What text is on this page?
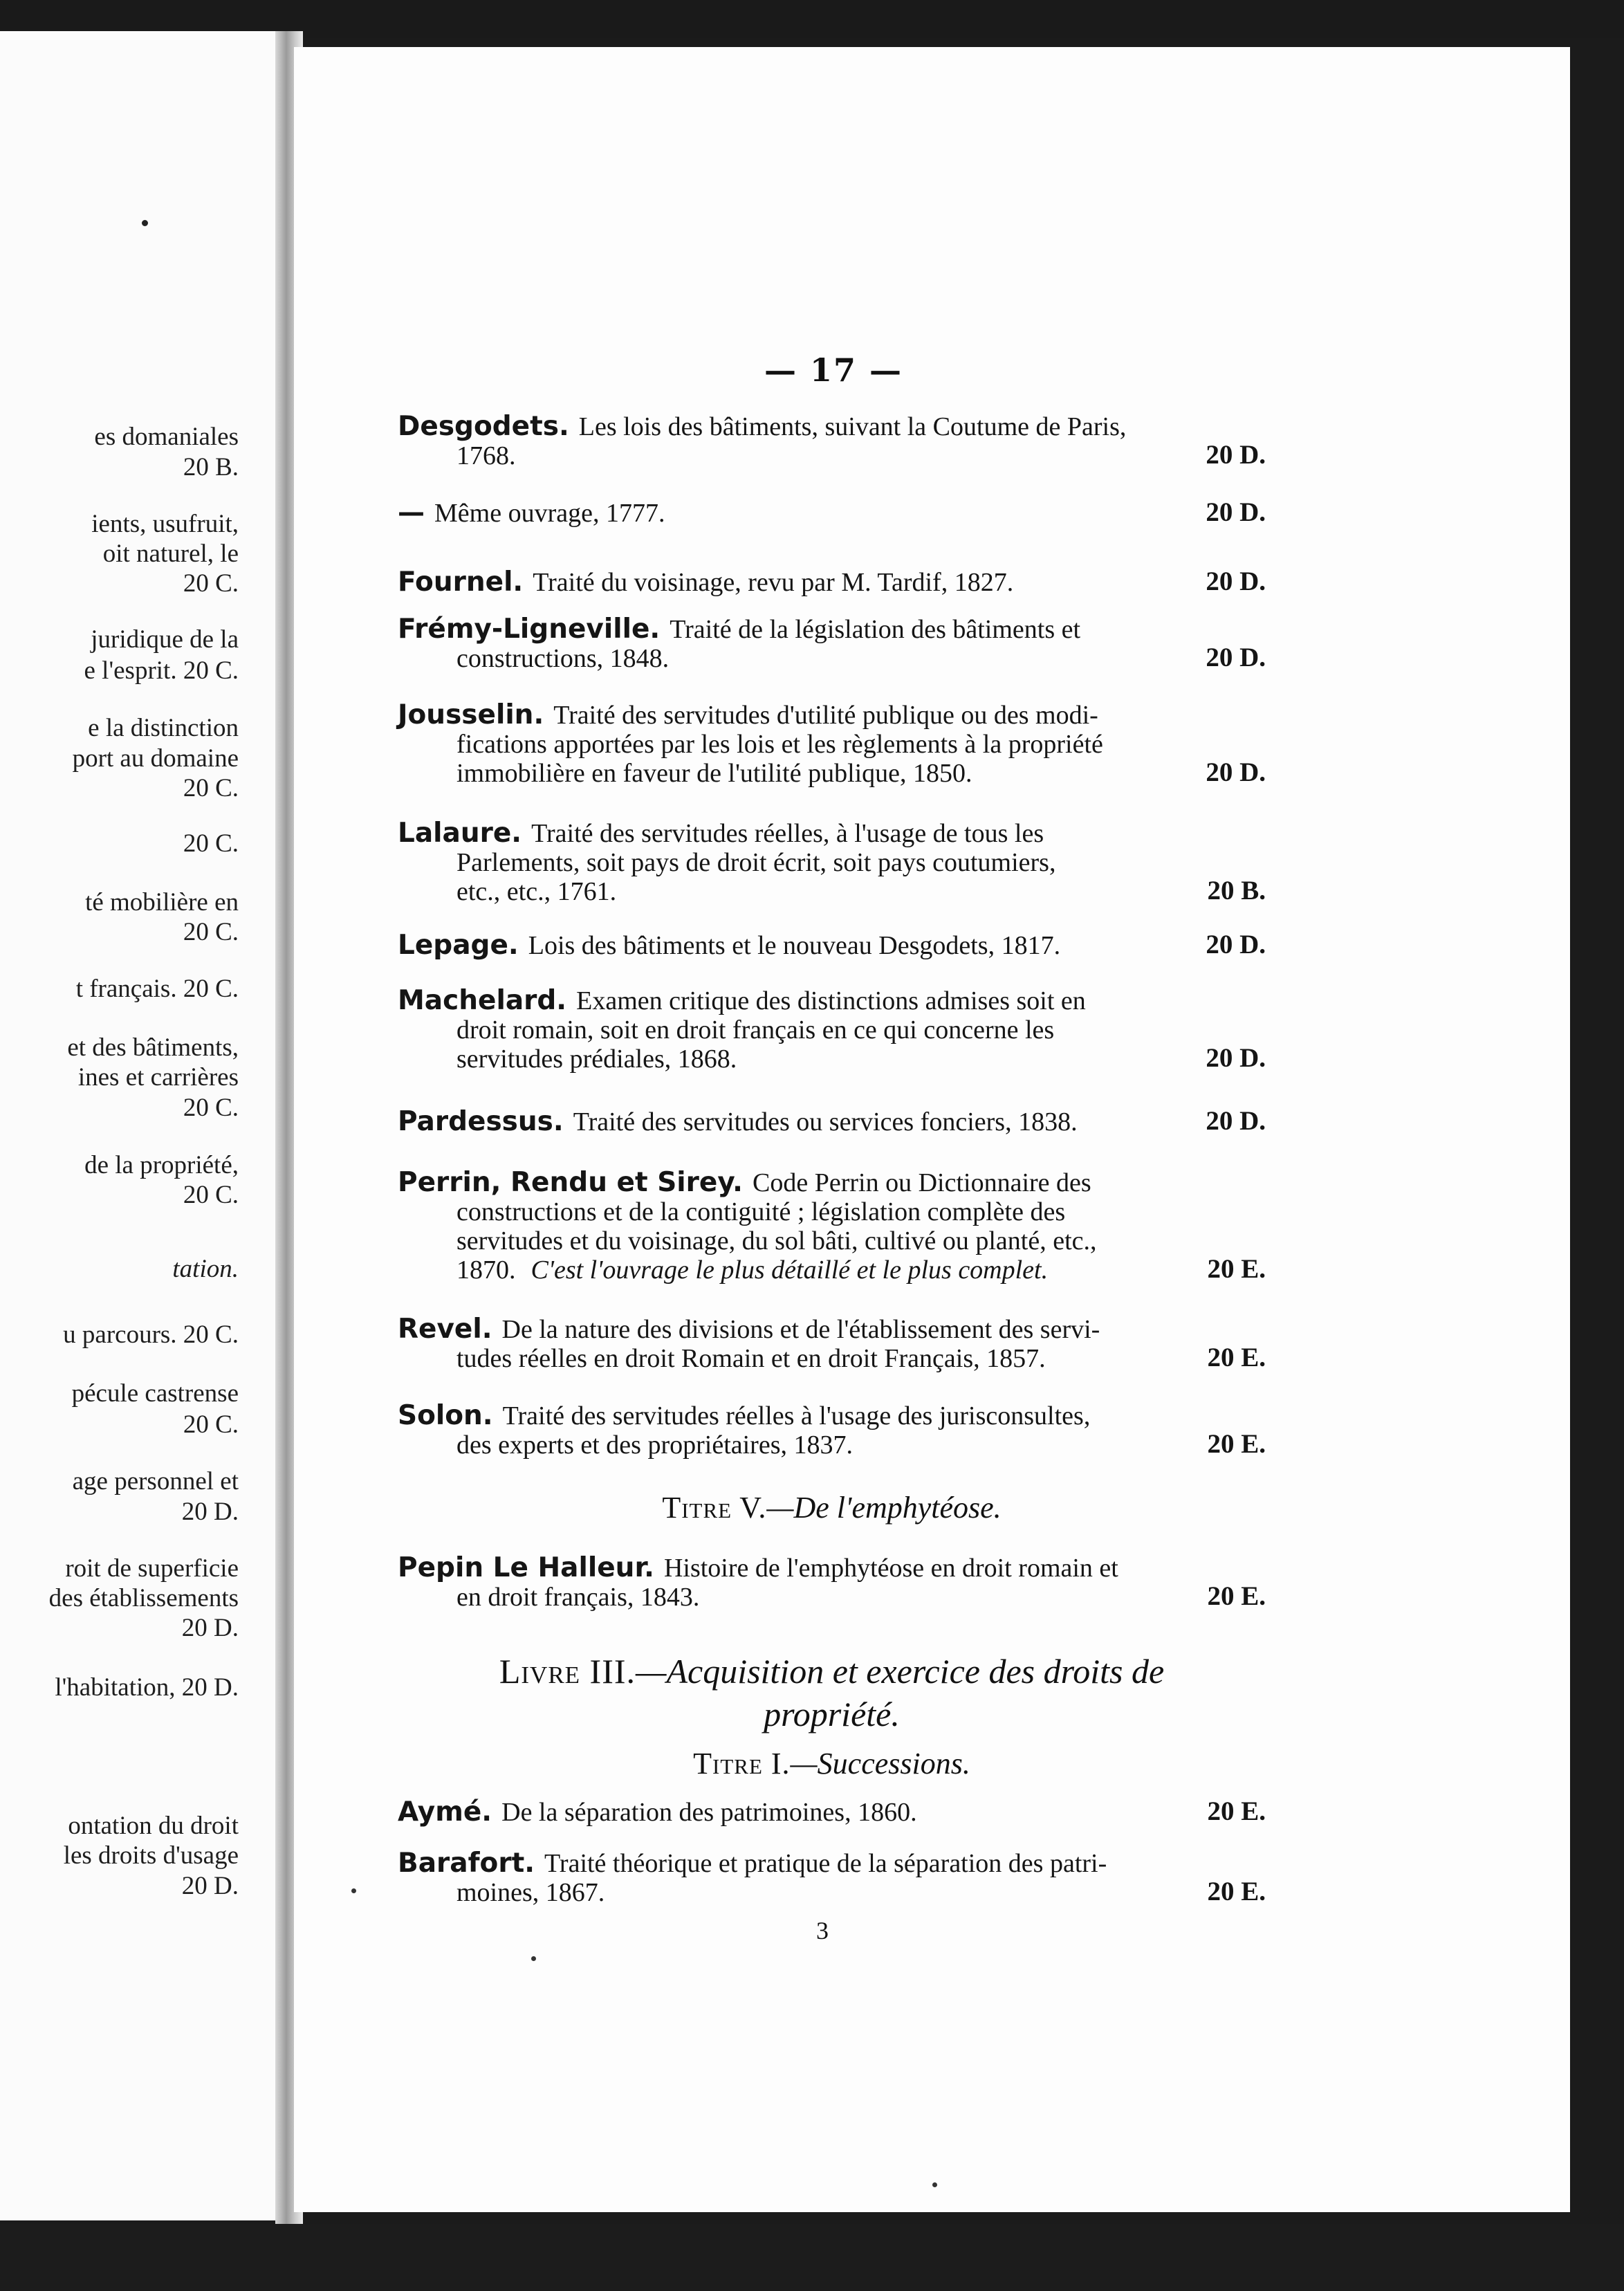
es domaniales
20 B.
ients, usufruit,
oit naturel, le
20 C.
juridique de la
e l'esprit. 20 C.
e la distinction
port au domaine
20 C.
20 C.
té mobilière en
20 C.
t français. 20 C.
et des bâtiments,
ines et carrières
20 C.
de la propriété,
20 C.
tation.
u parcours. 20 C.
pécule castrense
20 C.
age personnel et
20 D.
roit de superficie
des établissements
20 D.
l'habitation, 20 D.
ontation du droit
les droits d'usage
20 D.
— 17 —
Desgodets. Les lois des bâtiments, suivant la Coutume de Paris,
1768.	20 D.
— Même ouvrage, 1777.	20 D.
Fournel. Traité du voisinage, revu par M. Tardif, 1827.	20 D.
Frémy-Ligneville. Traité de la législation des bâtiments et
constructions, 1848.	20 D.
Jousselin. Traité des servitudes d'utilité publique ou des modi-
fications apportées par les lois et les règlements à la propriété
immobilière en faveur de l'utilité publique, 1850.	20 D.
Lalaure. Traité des servitudes réelles, à l'usage de tous les
Parlements, soit pays de droit écrit, soit pays coutumiers,
etc., etc., 1761.	20 B.
Lepage. Lois des bâtiments et le nouveau Desgodets, 1817.	20 D.
Machelard. Examen critique des distinctions admises soit en
droit romain, soit en droit français en ce qui concerne les
servitudes prédiales, 1868.	20 D.
Pardessus. Traité des servitudes ou services fonciers, 1838.	20 D.
Perrin, Rendu et Sirey. Code Perrin ou Dictionnaire des
constructions et de la contiguité ; législation complète des
servitudes et du voisinage, du sol bâti, cultivé ou planté, etc.,
1870. C'est l'ouvrage le plus détaillé et le plus complet.	20 E.
Revel. De la nature des divisions et de l'établissement des servi-
tudes réelles en droit Romain et en droit Français, 1857.	20 E.
Solon. Traité des servitudes réelles à l'usage des jurisconsultes,
des experts et des propriétaires, 1837.	20 E.
Pepin Le Halleur. Histoire de l'emphytéose en droit romain et
en droit français, 1843.	20 E.
Aymé. De la séparation des patrimoines, 1860.	20 E.
Barafort. Traité théorique et pratique de la séparation des patri-
moines, 1867.	20 E.
Titre V.—De l'emphytéose.
Livre III.—Acquisition et exercice des droits de
propriété.
Titre I.—Successions.
3
